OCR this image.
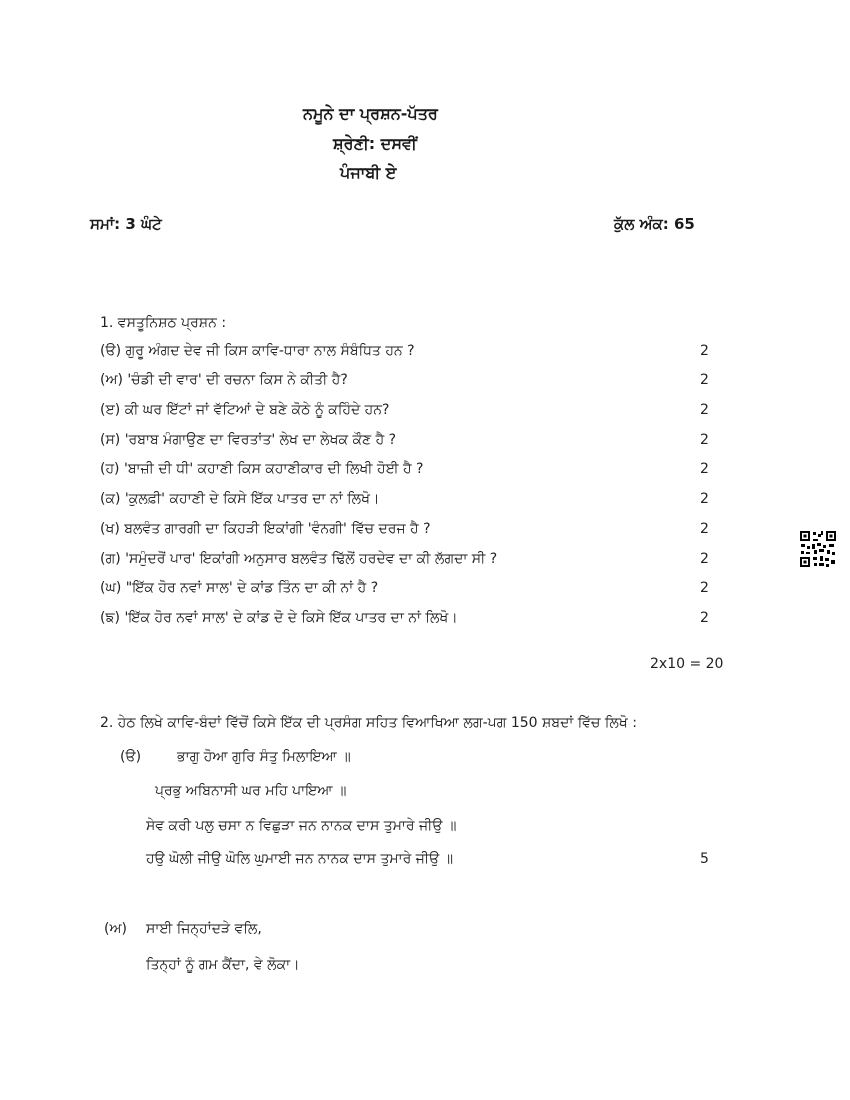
ਨਮੂਨੇ ਦਾ ਪ੍ਰਸ਼ਨ-ਪੱਤਰ
ਸ਼੍ਰੇਣੀ: ਦਸਵੀਂ
ਪੰਜਾਬੀ ਏ
ਸਮਾਂ: 3 ਘੰਟੇ	ਕੁੱਲ ਅੰਕ: 65
1. ਵਸਤੂਨਿਸ਼ਠ ਪ੍ਰਸ਼ਨ :
(ੳ) ਗੁਰੂ ਅੰਗਦ ਦੇਵ ਜੀ ਕਿਸ ਕਾਵਿ-ਧਾਰਾ ਨਾਲ ਸੰਬੰਧਿਤ ਹਨ ?	2
(ਅ) 'ਚੰਡੀ ਦੀ ਵਾਰ' ਦੀ ਰਚਨਾ ਕਿਸ ਨੇ ਕੀਤੀ ਹੈ?	2
(ੲ) ਕੀ ਘਰ ਇੱਟਾਂ ਜਾਂ ਵੱਟਿਆਂ ਦੇ ਬਣੇ ਕੋਠੇ ਨੂੰ ਕਹਿੰਦੇ ਹਨ?	2
(ਸ) 'ਰਬਾਬ ਮੰਗਾਉਣ ਦਾ ਵਿਰਤਾਂਤ' ਲੇਖ ਦਾ ਲੇਖਕ ਕੌਣ ਹੈ ?	2
(ਹ) 'ਬਾਜ਼ੀ ਦੀ ਧੀ' ਕਹਾਣੀ ਕਿਸ ਕਹਾਣੀਕਾਰ ਦੀ ਲਿਖੀ ਹੋਈ ਹੈ ?	2
(ਕ) 'ਕੁਲਫ਼ੀ' ਕਹਾਣੀ ਦੇ ਕਿਸੇ ਇੱਕ ਪਾਤਰ ਦਾ ਨਾਂ ਲਿਖੋ।	2
(ਖ) ਬਲਵੰਤ ਗਾਰਗੀ ਦਾ ਕਿਹੜੀ ਇਕਾਂਗੀ 'ਵੰਨਗੀ' ਵਿੱਚ ਦਰਜ ਹੈ ?	2
(ਗ) 'ਸਮੁੰਦਰੋਂ ਪਾਰ' ਇਕਾਂਗੀ ਅਨੁਸਾਰ ਬਲਵੰਤ ਢਿੱਲੋਂ ਹਰਦੇਵ ਦਾ ਕੀ ਲੱਗਦਾ ਸੀ ?	2
(ਘ) "ਇੱਕ ਹੋਰ ਨਵਾਂ ਸਾਲ' ਦੇ ਕਾਂਡ ਤਿੰਨ ਦਾ ਕੀ ਨਾਂ ਹੈ ?	2
(ਙ) 'ਇੱਕ ਹੋਰ ਨਵਾਂ ਸਾਲ' ਦੇ ਕਾਂਡ ਦੋ ਦੇ ਕਿਸੇ ਇੱਕ ਪਾਤਰ ਦਾ ਨਾਂ ਲਿਖੋ।	2
2x10 = 20
2. ਹੇਠ ਲਿਖੇ ਕਾਵਿ-ਬੰਦਾਂ ਵਿੱਚੋਂ ਕਿਸੇ ਇੱਕ ਦੀ ਪ੍ਰਸੰਗ ਸਹਿਤ ਵਿਆਖਿਆ ਲਗ-ਪਗ 150 ਸ਼ਬਦਾਂ ਵਿੱਚ ਲਿਖੋ :
(ੳ)	ਭਾਗੁ ਹੋਆ ਗੁਰਿ ਸੰਤੁ ਮਿਲਾਇਆ ॥
ਪ੍ਰਭੁ ਅਬਿਨਾਸੀ ਘਰ ਮਹਿ ਪਾਇਆ ॥
ਸੇਵ ਕਰੀ ਪਲੁ ਚਸਾ ਨ ਵਿਛੁੜਾ ਜਨ ਨਾਨਕ ਦਾਸ ਤੁਮਾਰੇ ਜੀਉ ॥
ਹਉ ਘੋਲੀ ਜੀਉ ਘੋਲਿ ਘੁਮਾਈ ਜਨ ਨਾਨਕ ਦਾਸ ਤੁਮਾਰੇ ਜੀਉ ॥	5
(ਅ) ਸਾਈ ਜਿਨ੍ਹਾਂਦੜੇ ਵਲਿ,
ਤਿਨ੍ਹਾਂ ਨੂੰ ਗਮ ਕੈਂਦਾ, ਵੇ ਲੋਕਾ।
